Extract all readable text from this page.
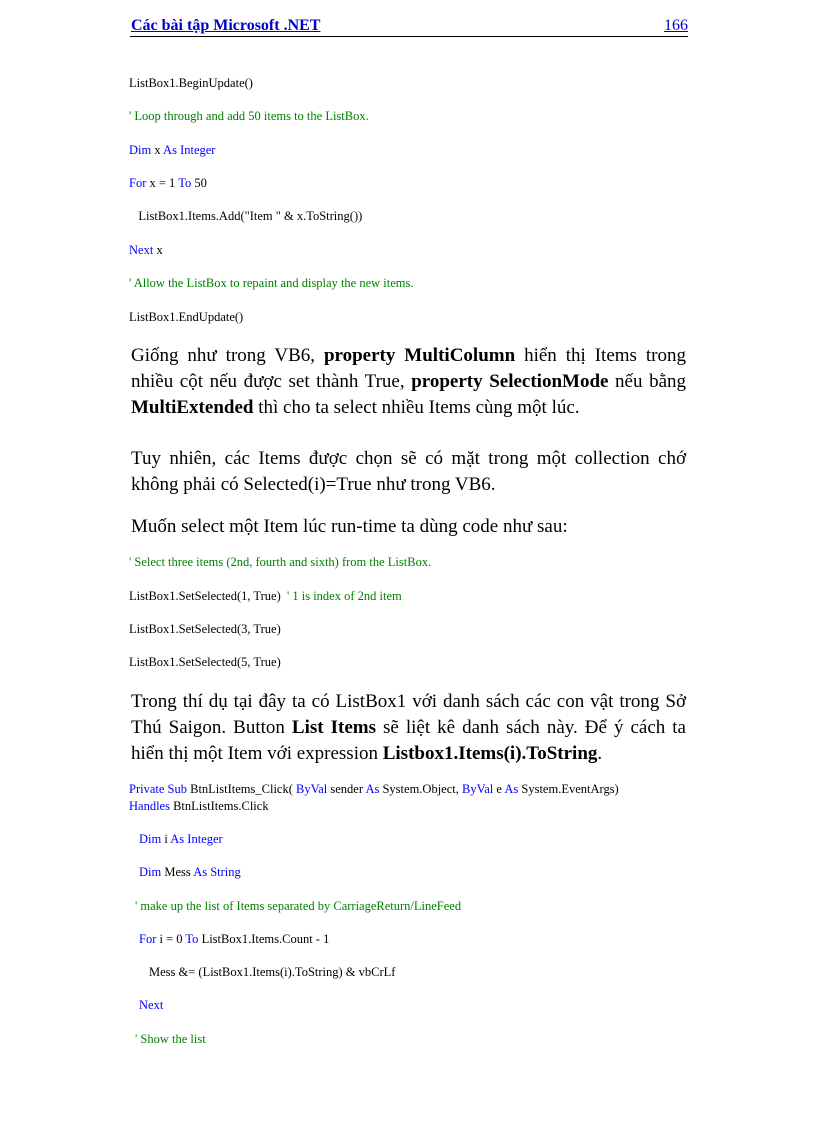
Các bài tập Microsoft .NET	166
ListBox1.BeginUpdate()
' Loop through and add 50 items to the ListBox.
Dim x As Integer
For x = 1 To 50
ListBox1.Items.Add("Item " & x.ToString())
Next x
' Allow the ListBox to repaint and display the new items.
ListBox1.EndUpdate()
Giống như trong VB6, property MultiColumn hiển thị Items trong nhiều cột nếu được set thành True, property SelectionMode nếu bằng MultiExtended thì cho ta select nhiều Items cùng một lúc.
Tuy nhiên, các Items được chọn sẽ có mặt trong một collection chớ không phải có Selected(i)=True như trong VB6.
Muốn select một Item lúc run-time ta dùng code như sau:
' Select three items (2nd, fourth and sixth) from the ListBox.
ListBox1.SetSelected(1, True)  ' 1 is index of 2nd item
ListBox1.SetSelected(3, True)
ListBox1.SetSelected(5, True)
Trong thí dụ tại đây ta có ListBox1 với danh sách các con vật trong Sở Thú Saigon. Button List Items sẽ liệt kê danh sách này. Để ý cách ta hiển thị một Item với expression Listbox1.Items(i).ToString.
Private Sub BtnListItems_Click( ByVal sender As System.Object, ByVal e As System.EventArgs)
Handles BtnListItems.Click
Dim i As Integer
Dim Mess As String
' make up the list of Items separated by CarriageReturn/LineFeed
For i = 0 To ListBox1.Items.Count - 1
Mess &= (ListBox1.Items(i).ToString) & vbCrLf
Next
' Show the list
